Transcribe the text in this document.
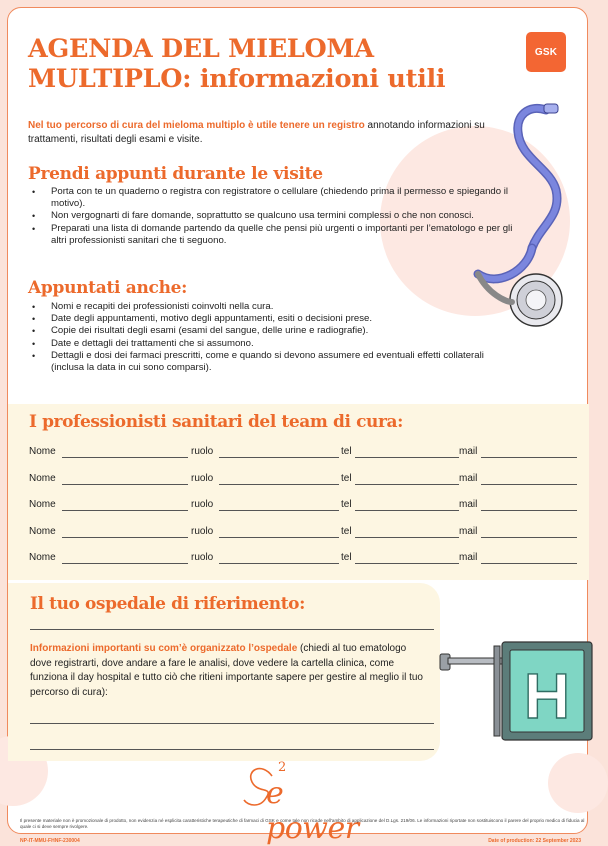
AGENDA DEL MIELOMA
MULTIPLO: informazioni utili
GSK

Nel tuo percorso di cura del mieloma multiplo è utile tenere un registro annotando informazioni su trattamenti, risultati degli esami e visite.

Prendi appunti durante le visite
• Porta con te un quaderno o registra con registratore o cellulare (chiedendo prima il permesso e spiegando il motivo).
• Non vergognarti di fare domande, soprattutto se qualcuno usa termini complessi o che non conosci.
• Preparati una lista di domande partendo da quelle che pensi più urgenti o importanti per l’ematologo e per gli altri professionisti sanitari che ti seguono.
Appuntati anche:
• Nomi e recapiti dei professionisti coinvolti nella cura.
• Date degli appuntamenti, motivo degli appuntamenti, esiti o decisioni prese.
• Copie dei risultati degli esami (esami del sangue, delle urine e radiografie).
• Date e dettagli dei trattamenti che si assumono.
• Dettagli e dosi dei farmaci prescritti, come e quando si devono assumere ed eventuali effetti collaterali (inclusa la data in cui sono comparsi).
I professionisti sanitari del team di cura:
Nome	ruolo	tel	mail
Nome	ruolo	tel	mail
Nome	ruolo	tel	mail
Nome	ruolo	tel	mail
Nome	ruolo	tel	mail
Il tuo ospedale di riferimento:

Informazioni importanti su com’è organizzato l’ospedale (chiedi al tuo ematologo dove registrarti, dove andare a fare le analisi, dove vedere la cartella clinica, come funziona il day hospital e tutto ciò che ritieni importante sapere per gestire al meglio il tuo percorso di cura):	H
2
e power

Il presente materiale non è promozionale di prodotto, non evidenzia né esplicita caratteristiche terapeutiche di farmaci di GSK e come tale non ricade nell'ambito di applicazione del D.Lgs. 219/06. Le informazioni riportate non sostituiscono il parere del proprio medico di fiducia al quale ci si deve sempre rivolgere.

NP-IT-MMU-FHNF-230004	Date of production: 22 September 2023
